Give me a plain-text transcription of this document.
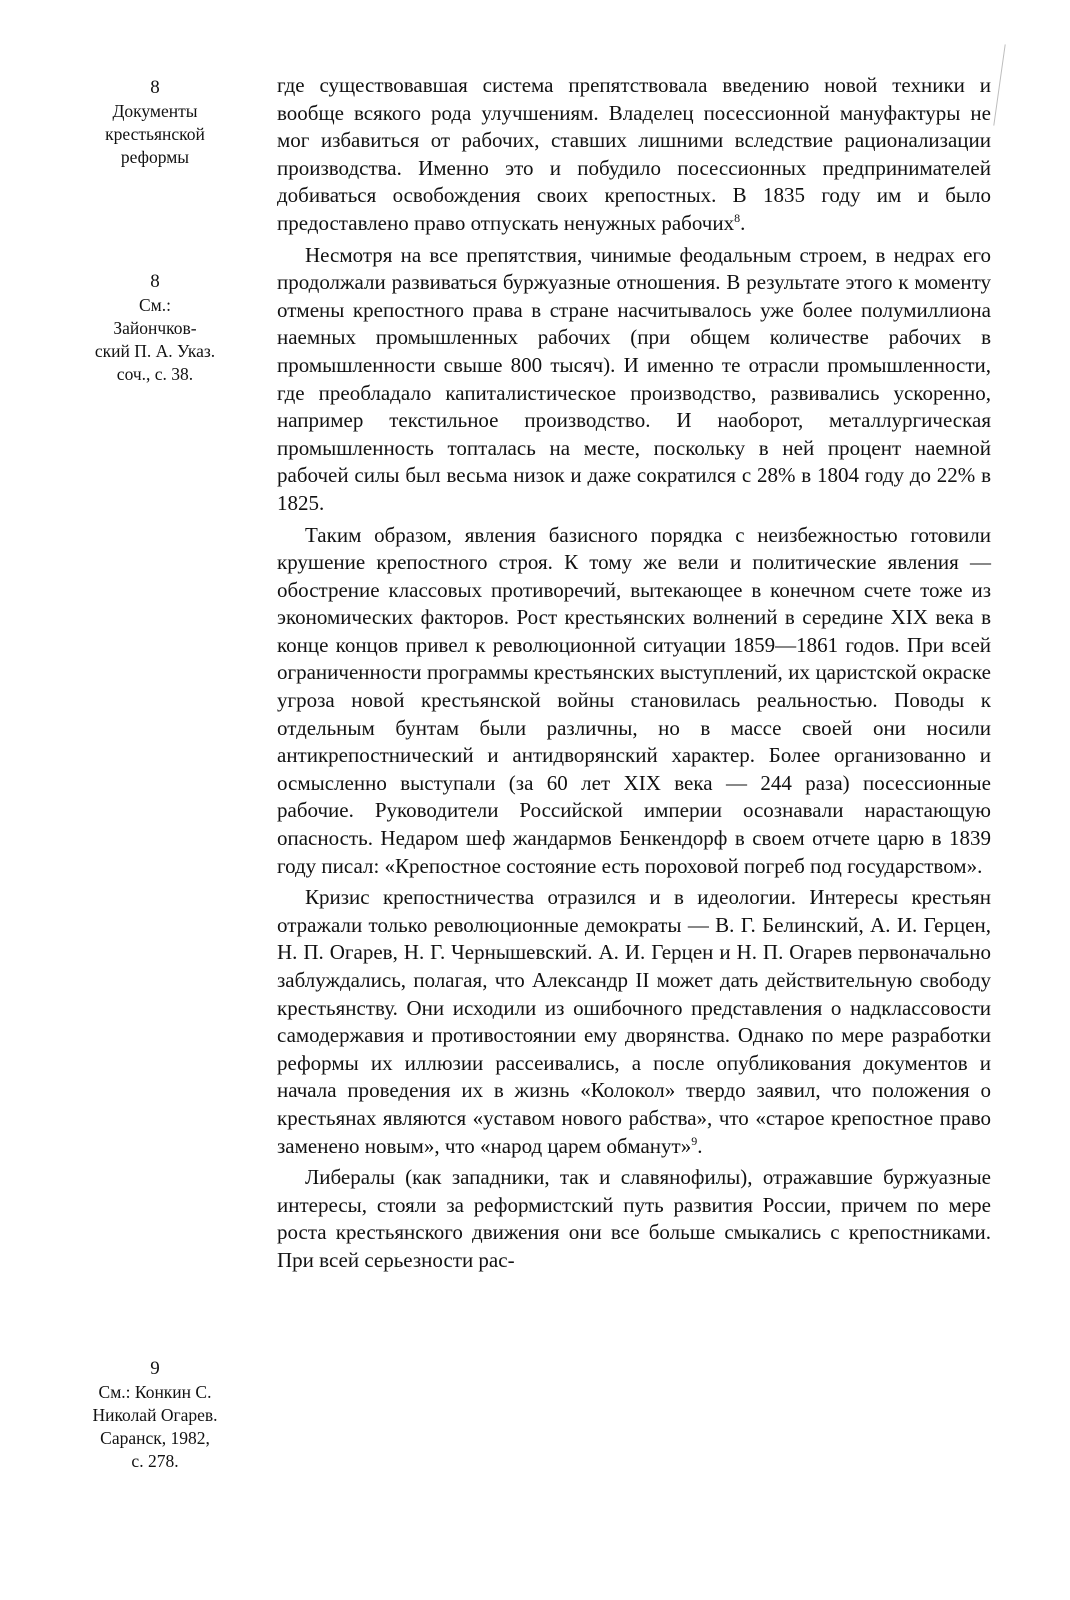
8
Документы
крестьянской
реформы
8
См.:
Зайончков-
ский П. А. Указ.
соч., с. 38.
9
См.: Конкин С.
Николай Огарев.
Саранск, 1982,
с. 278.

где существовавшая система препятствовала введению новой техники и вообще всякого рода улучшениям. Владелец посессионной мануфактуры не мог избавиться от рабочих, ставших лишними вследствие рационализации производства. Именно это и побудило посессионных предпринимателей добиваться освобождения своих крепостных. В 1835 году им и было предоставлено право отпускать ненужных рабочих$^8$.

Несмотря на все препятствия, чинимые феодальным строем, в недрах его продолжали развиваться буржуазные отношения. В результате этого к моменту отмены крепостного права в стране насчитывалось уже более полумиллиона наемных промышленных рабочих (при общем количестве рабочих в промышленности свыше 800 тысяч). И именно те отрасли промышленности, где преобладало капиталистическое производство, развивались ускоренно, например текстильное производство. И наоборот, металлургическая промышленность топталась на месте, поскольку в ней процент наемной рабочей силы был весьма низок и даже сократился с 28% в 1804 году до 22% в 1825.

Таким образом, явления базисного порядка с неизбежностью готовили крушение крепостного строя. К тому же вели и политические явления — обострение классовых противоречий, вытекающее в конечном счете тоже из экономических факторов. Рост крестьянских волнений в середине XIX века в конце концов привел к революционной ситуации 1859—1861 годов. При всей ограниченности программы крестьянских выступлений, их царистской окраске угроза новой крестьянской войны становилась реальностью. Поводы к отдельным бунтам были различны, но в массе своей они носили антикрепостнический и антидворянский характер. Более организованно и осмысленно выступали (за 60 лет XIX века — 244 раза) посессионные рабочие. Руководители Российской империи осознавали нарастающую опасность. Недаром шеф жандармов Бенкендорф в своем отчете царю в 1839 году писал: «Крепостное состояние есть пороховой погреб под государством».

Кризис крепостничества отразился и в идеологии. Интересы крестьян отражали только революционные демократы — В. Г. Белинский, А. И. Герцен, Н. П. Огарев, Н. Г. Чернышевский. А. И. Герцен и Н. П. Огарев первоначально заблуждались, полагая, что Александр II может дать действительную свободу крестьянству. Они исходили из ошибочного представления о надклассовости самодержавия и противостоянии ему дворянства. Однако по мере разработки реформы их иллюзии рассеивались, а после опубликования документов и начала проведения их в жизнь «Колокол» твердо заявил, что положения о крестьянах являются «уставом нового рабства», что «старое крепостное право заменено новым», что «народ царем обманут»$^9$.

Либералы (как западники, так и славянофилы), отражавшие буржуазные интересы, стояли за реформистский путь развития России, причем по мере роста крестьянского движения они все больше смыкались с крепостниками. При всей серьезности рас-
